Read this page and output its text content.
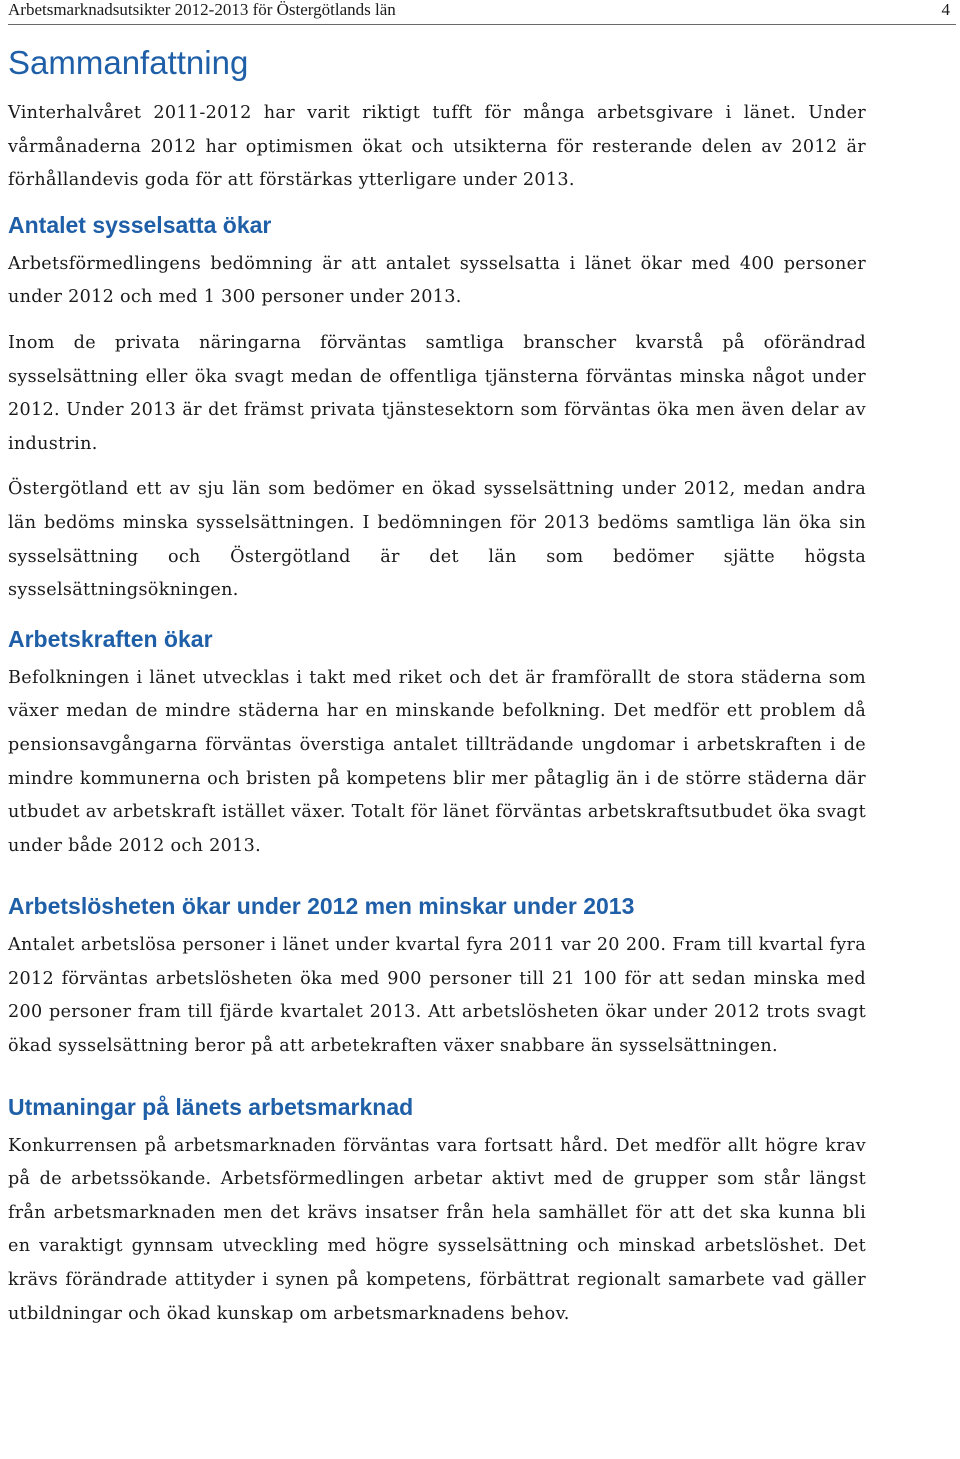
Arbetsmarknadsutsikter 2012-2013 för Östergötlands län	4
Sammanfattning

Vinterhalvåret 2011-2012 har varit riktigt tufft för många arbetsgivare i länet. Under vårmånaderna 2012 har optimismen ökat och utsikterna för resterande delen av 2012 är förhållandevis goda för att förstärkas ytterligare under 2013.

Antalet sysselsatta ökar

Arbetsförmedlingens bedömning är att antalet sysselsatta i länet ökar med 400 personer under 2012 och med 1 300 personer under 2013.

Inom de privata näringarna förväntas samtliga branscher kvarstå på oförändrad sysselsättning eller öka svagt medan de offentliga tjänsterna förväntas minska något under 2012. Under 2013 är det främst privata tjänstesektorn som förväntas öka men även delar av industrin.

Östergötland ett av sju län som bedömer en ökad sysselsättning under 2012, medan andra län bedöms minska sysselsättningen. I bedömningen för 2013 bedöms samtliga län öka sin sysselsättning och Östergötland är det län som bedömer sjätte högsta sysselsättningsökningen.

Arbetskraften ökar

Befolkningen i länet utvecklas i takt med riket och det är framförallt de stora städerna som växer medan de mindre städerna har en minskande befolkning. Det medför ett problem då pensionsavgångarna förväntas överstiga antalet tillträdande ungdomar i arbetskraften i de mindre kommunerna och bristen på kompetens blir mer påtaglig än i de större städerna där utbudet av arbetskraft istället växer. Totalt för länet förväntas arbetskraftsutbudet öka svagt under både 2012 och 2013.

Arbetslösheten ökar under 2012 men minskar under 2013

Antalet arbetslösa personer i länet under kvartal fyra 2011 var 20 200. Fram till kvartal fyra 2012 förväntas arbetslösheten öka med 900 personer till 21 100 för att sedan minska med 200 personer fram till fjärde kvartalet 2013. Att arbetslösheten ökar under 2012 trots svagt ökad sysselsättning beror på att arbetekraften växer snabbare än sysselsättningen.

Utmaningar på länets arbetsmarknad

Konkurrensen på arbetsmarknaden förväntas vara fortsatt hård. Det medför allt högre krav på de arbetssökande. Arbetsförmedlingen arbetar aktivt med de grupper som står längst från arbetsmarknaden men det krävs insatser från hela samhället för att det ska kunna bli en varaktigt gynnsam utveckling med högre sysselsättning och minskad arbetslöshet. Det krävs förändrade attityder i synen på kompetens, förbättrat regionalt samarbete vad gäller utbildningar och ökad kunskap om arbetsmarknadens behov.
